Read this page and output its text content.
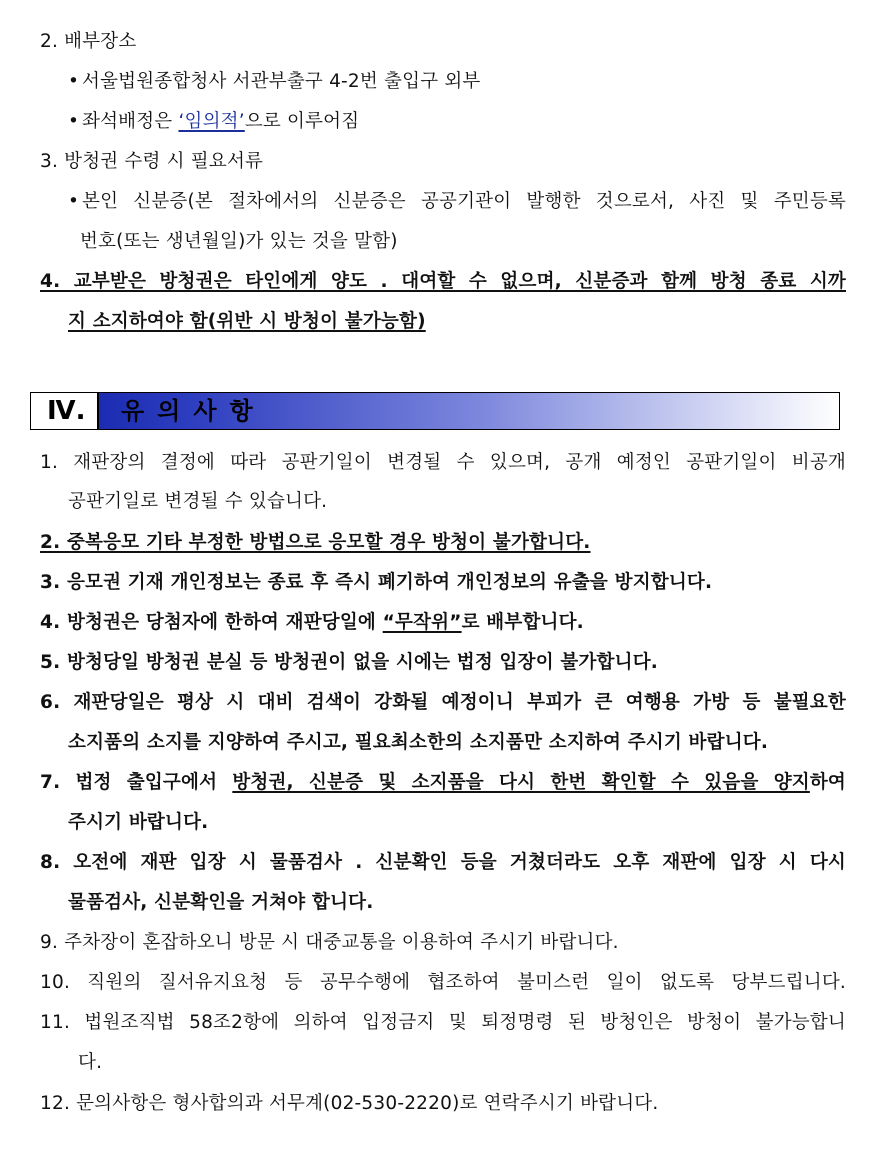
2. 배부장소
• 서울법원종합청사 서관부출구 4-2번 출입구 외부
• 좌석배정은 ‘임의적’으로 이루어짐
3. 방청권 수령 시 필요서류
• 본인 신분증(본 절차에서의 신분증은 공공기관이 발행한 것으로서, 사진 및 주민등록
번호(또는 생년월일)가 있는 것을 말함)
4. 교부받은 방청권은 타인에게 양도 . 대여할 수 없으며, 신분증과 함께 방청 종료 시까
지 소지하여야 함(위반 시 방청이 불가능함)
Ⅳ.	유의사항
1. 재판장의 결정에 따라 공판기일이 변경될 수 있으며, 공개 예정인 공판기일이 비공개
공판기일로 변경될 수 있습니다.
2. 중복응모 기타 부정한 방법으로 응모할 경우 방청이 불가합니다.
3. 응모권 기재 개인정보는 종료 후 즉시 폐기하여 개인정보의 유출을 방지합니다.
4. 방청권은 당첨자에 한하여 재판당일에 “무작위”로 배부합니다.
5. 방청당일 방청권 분실 등 방청권이 없을 시에는 법정 입장이 불가합니다.
6. 재판당일은 평상 시 대비 검색이 강화될 예정이니 부피가 큰 여행용 가방 등 불필요한
소지품의 소지를 지양하여 주시고, 필요최소한의 소지품만 소지하여 주시기 바랍니다.
7. 법정 출입구에서 방청권, 신분증 및 소지품을 다시 한번 확인할 수 있음을 양지하여
주시기 바랍니다.
8. 오전에 재판 입장 시 물품검사 . 신분확인 등을 거쳤더라도 오후 재판에 입장 시 다시
물품검사, 신분확인을 거쳐야 합니다.
9. 주차장이 혼잡하오니 방문 시 대중교통을 이용하여 주시기 바랍니다.
10. 직원의 질서유지요청 등 공무수행에 협조하여 불미스런 일이 없도록 당부드립니다.
11. 법원조직법 58조2항에 의하여 입정금지 및 퇴정명령 된 방청인은 방청이 불가능합니
다.
12. 문의사항은 형사합의과 서무계(02-530-2220)로 연락주시기 바랍니다.
